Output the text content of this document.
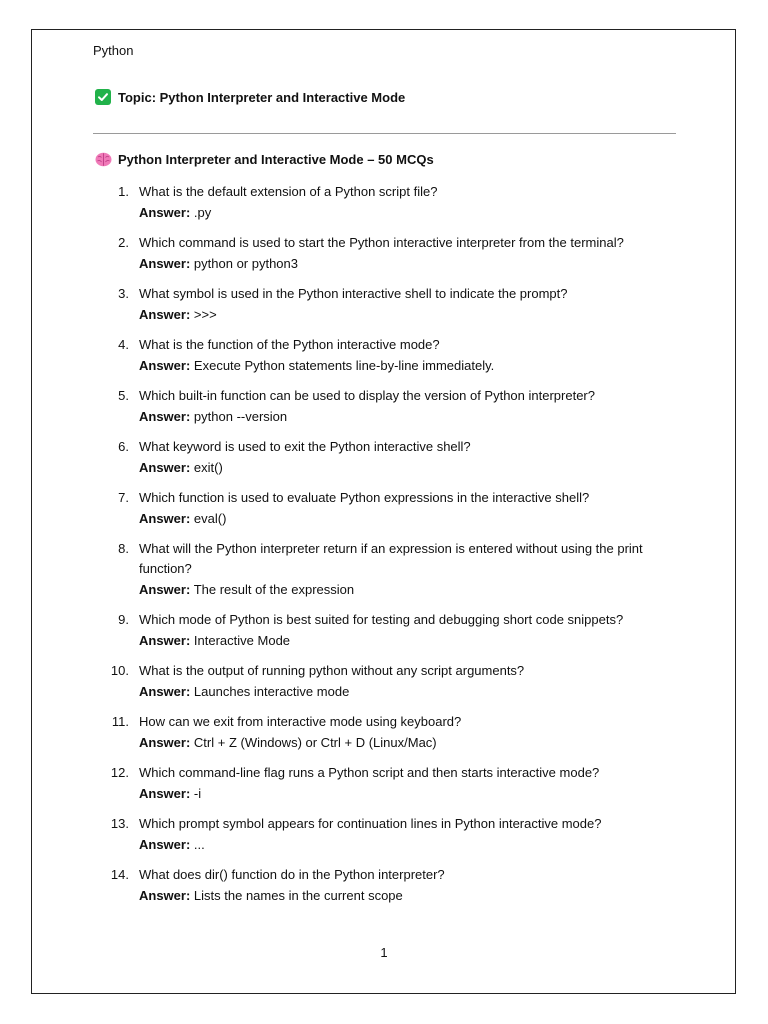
Python
Topic: Python Interpreter and Interactive Mode
Python Interpreter and Interactive Mode – 50 MCQs
1. What is the default extension of a Python script file?
Answer: .py
2. Which command is used to start the Python interactive interpreter from the terminal?
Answer: python or python3
3. What symbol is used in the Python interactive shell to indicate the prompt?
Answer: >>>
4. What is the function of the Python interactive mode?
Answer: Execute Python statements line-by-line immediately.
5. Which built-in function can be used to display the version of Python interpreter?
Answer: python --version
6. What keyword is used to exit the Python interactive shell?
Answer: exit()
7. Which function is used to evaluate Python expressions in the interactive shell?
Answer: eval()
8. What will the Python interpreter return if an expression is entered without using the print function?
Answer: The result of the expression
9. Which mode of Python is best suited for testing and debugging short code snippets?
Answer: Interactive Mode
10. What is the output of running python without any script arguments?
Answer: Launches interactive mode
11. How can we exit from interactive mode using keyboard?
Answer: Ctrl + Z (Windows) or Ctrl + D (Linux/Mac)
12. Which command-line flag runs a Python script and then starts interactive mode?
Answer: -i
13. Which prompt symbol appears for continuation lines in Python interactive mode?
Answer: ...
14. What does dir() function do in the Python interpreter?
Answer: Lists the names in the current scope
1
